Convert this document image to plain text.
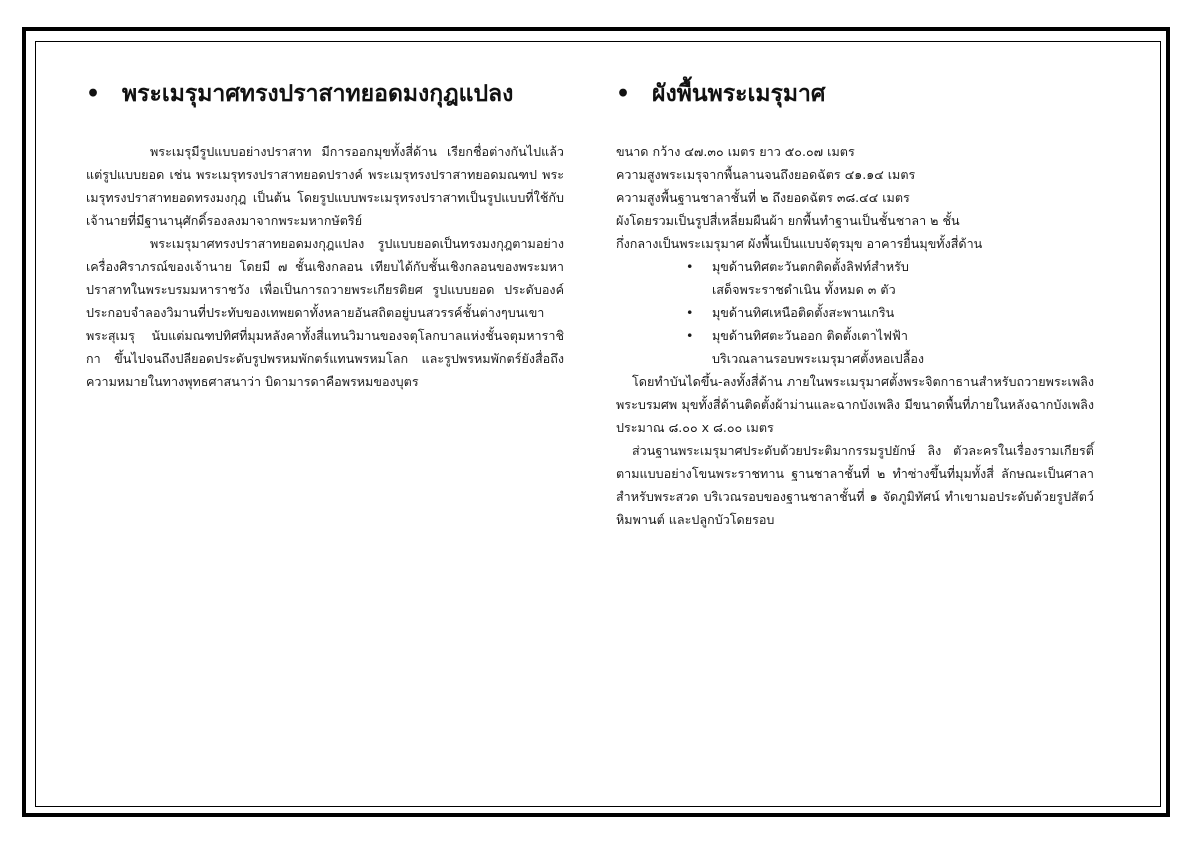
• พระเมรุมาศทรงปราสาทยอดมงกุฎแปลง

พระเมรุมีรูปแบบอย่างปราสาท มีการออกมุขทั้งสี่ด้าน เรียกชื่อต่างกันไปแล้วแต่รูปแบบยอด เช่น พระเมรุทรงปราสาทยอดปรางค์ พระเมรุทรงปราสาทยอดมณฑป พระเมรุทรงปราสาทยอดทรงมงกุฎ เป็นต้น โดยรูปแบบพระเมรุทรงปราสาทเป็นรูปแบบที่ใช้กับเจ้านายที่มีฐานานุศักดิ์รองลงมาจากพระมหากษัตริย์

พระเมรุมาศทรงปราสาทยอดมงกุฎแปลง รูปแบบยอดเป็นทรงมงกุฎตามอย่างเครื่องศิราภรณ์ของเจ้านาย โดยมี ๗ ชั้นเชิงกลอน เทียบได้กับชั้นเชิงกลอนของพระมหาปราสาทในพระบรมมหาราชวัง เพื่อเป็นการถวายพระเกียรติยศ รูปแบบยอด ประดับองค์ประกอบจำลองวิมานที่ประทับของเทพยดาทั้งหลายอันสถิตอยู่บนสวรรค์ชั้นต่างๆบนเขาพระสุเมรุ นับแต่มณฑปทิศที่มุมหลังคาทั้งสี่แทนวิมานของจตุโลกบาลแห่งชั้นจตุมหาราชิกา ขึ้นไปจนถึงปลียอดประดับรูปพรหมพักตร์แทนพรหมโลก และรูปพรหมพักตร์ยังสื่อถึงความหมายในทางพุทธศาสนาว่า บิดามารดาคือพรหมของบุตร

• ผังพื้นพระเมรุมาศ

ขนาด กว้าง ๔๗.๓๐ เมตร ยาว ๕๐.๐๗ เมตร

ความสูงพระเมรุจากพื้นลานจนถึงยอดฉัตร ๔๑.๑๔ เมตร

ความสูงพื้นฐานชาลาชั้นที่ ๒ ถึงยอดฉัตร ๓๘.๔๔ เมตร

ผังโดยรวมเป็นรูปสี่เหลี่ยมผืนผ้า ยกพื้นทำฐานเป็นชั้นชาลา ๒ ชั้น

กึ่งกลางเป็นพระเมรุมาศ ผังพื้นเป็นแบบจัตุรมุข อาคารยื่นมุขทั้งสี่ด้าน

• มุขด้านทิศตะวันตกติดตั้งลิฟท์สำหรับ
เสด็จพระราชดำเนิน ทั้งหมด ๓ ตัว
• มุขด้านทิศเหนือติดตั้งสะพานเกริน
• มุขด้านทิศตะวันออก ติดตั้งเตาไฟฟ้า
บริเวณลานรอบพระเมรุมาศตั้งหอเปลื้อง

โดยทำบันไดขึ้น-ลงทั้งสี่ด้าน ภายในพระเมรุมาศตั้งพระจิตกาธานสำหรับถวายพระเพลิงพระบรมศพ มุขทั้งสี่ด้านติดตั้งผ้าม่านและฉากบังเพลิง มีขนาดพื้นที่ภายในหลังฉากบังเพลิง ประมาณ ๘.๐๐ x ๘.๐๐ เมตร

ส่วนฐานพระเมรุมาศประดับด้วยประติมากรรมรูปยักษ์ ลิง ตัวละครในเรื่องรามเกียรติ์ ตามแบบอย่างโขนพระราชทาน ฐานชาลาชั้นที่ ๒ ทำซ่างขึ้นที่มุมทั้งสี่ ลักษณะเป็นศาลาสำหรับพระสวด บริเวณรอบของฐานชาลาชั้นที่ ๑ จัดภูมิทัศน์ ทำเขามอประดับด้วยรูปสัตว์หิมพานต์ และปลูกบัวโดยรอบ
